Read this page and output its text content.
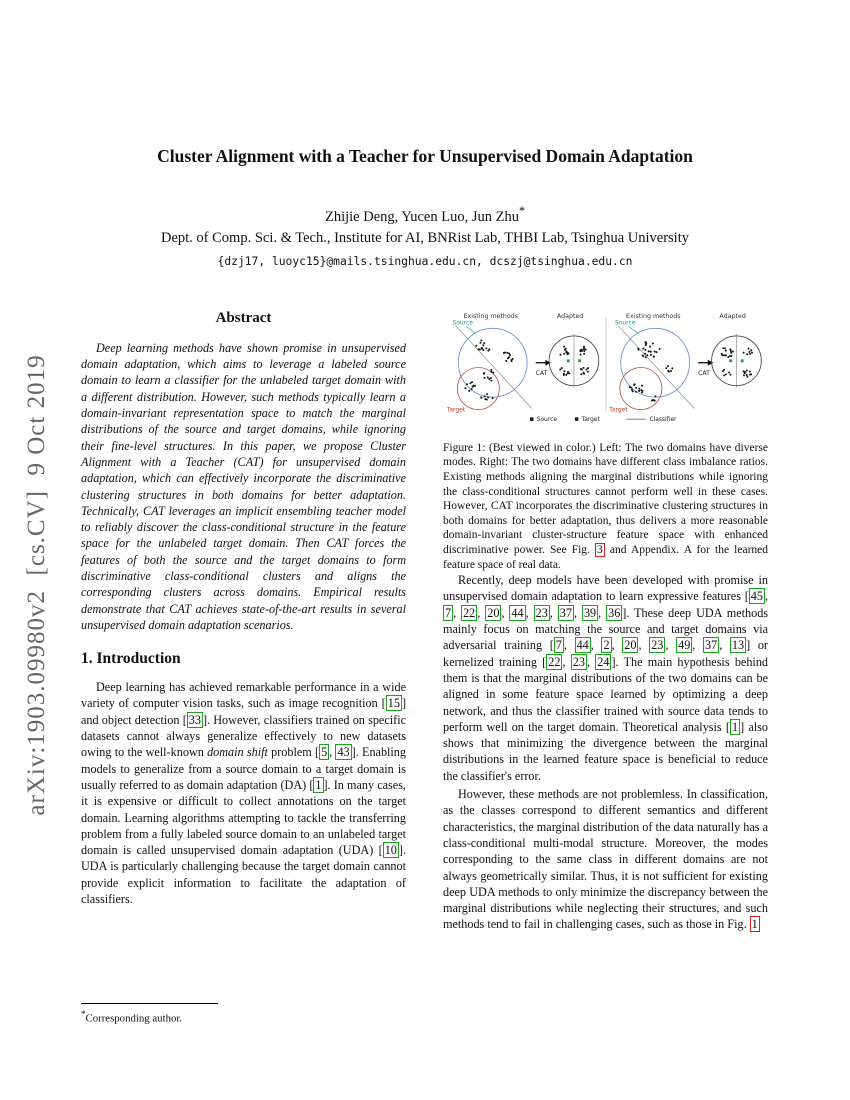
arXiv:1903.09980v2  [cs.CV]  9 Oct 2019
Cluster Alignment with a Teacher for Unsupervised Domain Adaptation
Zhijie Deng, Yucen Luo, Jun Zhu*
Dept. of Comp. Sci. & Tech., Institute for AI, BNRist Lab, THBI Lab, Tsinghua University
{dzj17, luoyc15}@mails.tsinghua.edu.cn, dcszj@tsinghua.edu.cn
Abstract

Deep learning methods have shown promise in unsupervised domain adaptation, which aims to leverage a labeled source domain to learn a classifier for the unlabeled target domain with a different distribution. However, such methods typically learn a domain-invariant representation space to match the marginal distributions of the source and target domains, while ignoring their fine-level structures. In this paper, we propose Cluster Alignment with a Teacher (CAT) for unsupervised domain adaptation, which can effectively incorporate the discriminative clustering structures in both domains for better adaptation. Technically, CAT leverages an implicit ensembling teacher model to reliably discover the class-conditional structure in the feature space for the unlabeled target domain. Then CAT forces the features of both the source and the target domains to form discriminative class-conditional clusters and aligns the corresponding clusters across domains. Empirical results demonstrate that CAT achieves state-of-the-art results in several unsupervised domain adaptation scenarios.

1. Introduction

Deep learning has achieved remarkable performance in a wide variety of computer vision tasks, such as image recognition [ 15 ] and object detection [ 33 ]. However, classifiers trained on specific datasets cannot always generalize effectively to new datasets owing to the well-known domain shift problem [ 5 , 43 ]. Enabling models to generalize from a source domain to a target domain is usually referred to as domain adaptation (DA) [ 1 ]. In many cases, it is expensive or difficult to collect annotations on the target domain. Learning algorithms attempting to tackle the transferring problem from a fully labeled source domain to an unlabeled target domain is called unsupervised domain adaptation (UDA) [ 10 ]. UDA is particularly challenging because the target domain cannot provide explicit information to facilitate the adaptation of classifiers.

Existing methods	Adapted
Source
Target
CAT
Existing methods	Adapted
Source
Target
CAT
Source	Target	Classifier
Figure 1: (Best viewed in color.) Left: The two domains have diverse modes. Right: The two domains have different class imbalance ratios. Existing methods aligning the marginal distributions while ignoring the class-conditional structures cannot perform well in these cases. However, CAT incorporates the discriminative clustering structures in both domains for better adaptation, thus delivers a more reasonable domain-invariant cluster-structure feature space with enhanced discriminative power. See Fig. 3 and Appendix. A for the learned feature space of real data.

Recently, deep models have been developed with promise in unsupervised domain adaptation to learn expressive features [ 45 , 7 , 22 , 20 , 44 , 23 , 37 , 39 , 36 ]. These deep UDA methods mainly focus on matching the source and target domains via adversarial training [ 7 , 44 , 2 , 20 , 23 , 49 , 37 , 13 ] or kernelized training [ 22 , 23 , 24 ]. The main hypothesis behind them is that the marginal distributions of the two domains can be aligned in some feature space learned by optimizing a deep network, and thus the classifier trained with source data tends to perform well on the target domain. Theoretical analysis [ 1 ] also shows that minimizing the divergence between the marginal distributions in the learned feature space is beneficial to reduce the classifier's error.

However, these methods are not problemless. In classification, as the classes correspond to different semantics and different characteristics, the marginal distribution of the data naturally has a class-conditional multi-modal structure. Moreover, the modes corresponding to the same class in different domains are not always geometrically similar. Thus, it is not sufficient for existing deep UDA methods to only minimize the discrepancy between the marginal distributions while neglecting their structures, and such methods tend to fail in challenging cases, such as those in Fig. 1

*Corresponding author.
